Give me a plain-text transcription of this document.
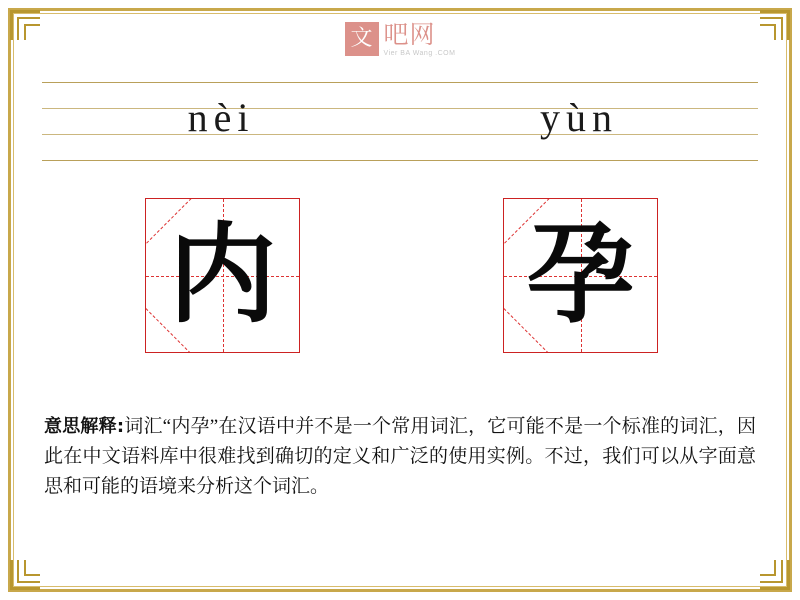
文 吧网
Vier BA Wang .COM
nèi	yùn
内 孕
意思解释:词汇“内孕”在汉语中并不是一个常用词汇，它可能不是一个标准的词汇，因此在中文语料库中很难找到确切的定义和广泛的使用实例。不过，我们可以从字面意思和可能的语境来分析这个词汇。
